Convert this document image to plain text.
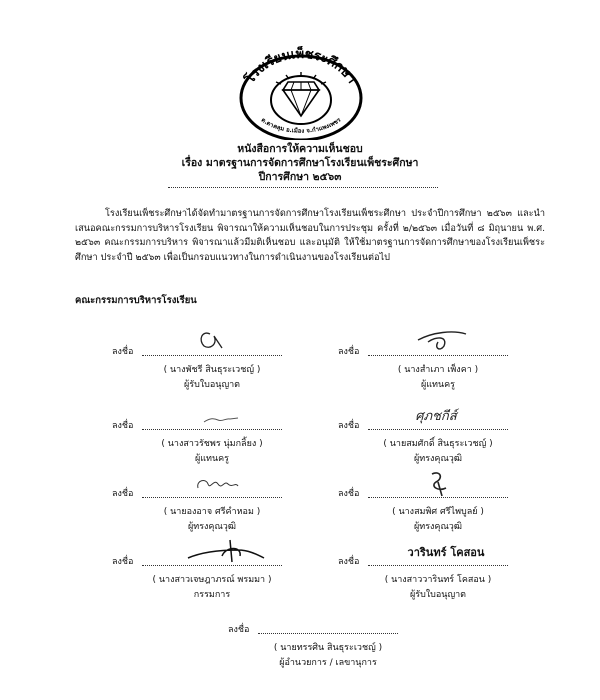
โรงเรียนเพ็ชระศึกษา
ต.ตาคลุม อ.เมือง จ.กำแพงเพชร
หนังสือการให้ความเห็นชอบ
เรื่อง มาตรฐานการจัดการศึกษาโรงเรียนเพ็ชระศึกษา
ปีการศึกษา ๒๕๖๓

โรงเรียนเพ็ชระศึกษาได้จัดทำมาตรฐานการจัดการศึกษาโรงเรียนเพ็ชระศึกษา ประจำปีการศึกษา ๒๕๖๓ และนำเสนอคณะกรรมการบริหารโรงเรียน พิจารณาให้ความเห็นชอบในการประชุม ครั้งที่ ๒/๒๕๖๓ เมื่อวันที่ ๘ มิถุนายน พ.ศ. ๒๕๖๓ คณะกรรมการบริหาร พิจารณาแล้วมีมติเห็นชอบ และอนุมัติ ให้ใช้มาตรฐานการจัดการศึกษาของโรงเรียนเพ็ชระศึกษา ประจำปี ๒๕๖๓ เพื่อเป็นกรอบแนวทางในการดำเนินงานของโรงเรียนต่อไป

คณะกรรมการบริหารโรงเรียน
ลงชื่อ
( นางพัชรี สินธุระเวชญ์ )
ผู้รับใบอนุญาต
ลงชื่อ
( นางสำเภา เพ็งคา )
ผู้แทนครู
ลงชื่อ
( นางสาวรัชพร นุ่มกลิ้ยง )
ผู้แทนครู
ศุภชกีส์
ลงชื่อ
( นายสมศักดิ์ สินธุระเวชญ์ )
ผู้ทรงคุณวุฒิ
ลงชื่อ
( นายองอาจ ศรีคำหอม )
ผู้ทรงคุณวุฒิ
ลงชื่อ
( นางสมพิศ ศรีไพบูลย์ )
ผู้ทรงคุณวุฒิ
ลงชื่อ
( นางสาวเจษฎาภรณ์ พรมมา )
กรรมการ
วารินทร์ โคสอน
ลงชื่อ
( นางสาววารินทร์ โคสอน )
ผู้รับใบอนุญาต
ลงชื่อ
( นายทรรศิน สินธุระเวชญ์ )
ผู้อำนวยการ / เลขานุการ
